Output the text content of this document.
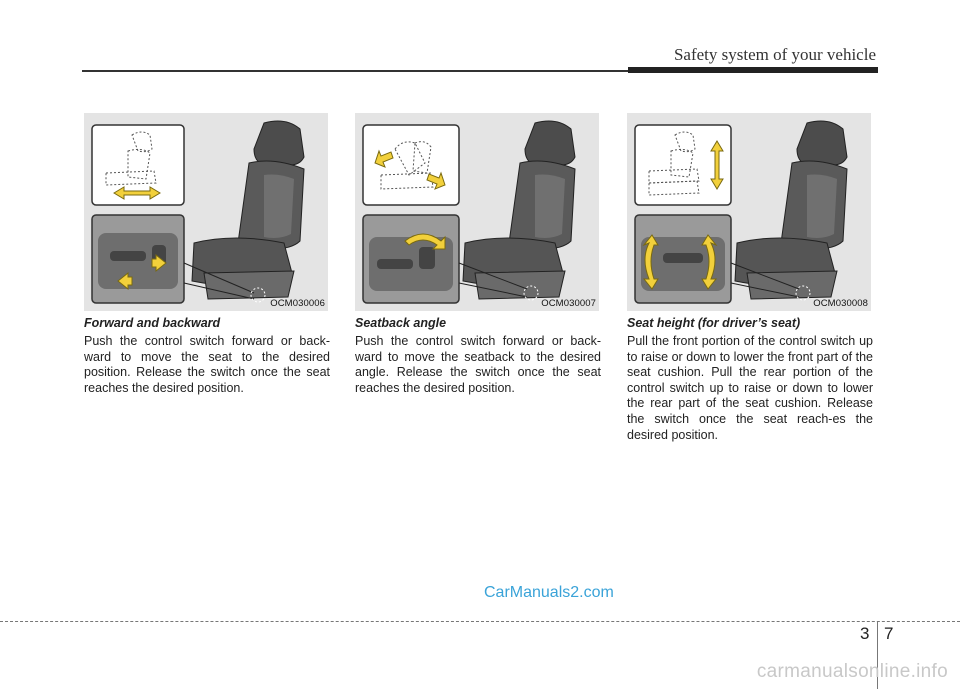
Safety system of your vehicle
OCM030006	OCM030007	OCM030008
Forward and backward

Push the control switch forward or back-ward to move the seat to the desired position. Release the switch once the seat reaches the desired position.

Seatback angle

Push the control switch forward or back-ward to move the seatback to the desired angle. Release the switch once the seat reaches the desired position.

Seat height (for driver’s seat)

Pull the front portion of the control switch up to raise or down to lower the front part of the seat cushion. Pull the rear portion of the control switch up to raise or down to lower the rear part of the seat cushion. Release the switch once the seat reach-es the desired position.

CarManuals2.com
3 7
carmanualsonline.info
